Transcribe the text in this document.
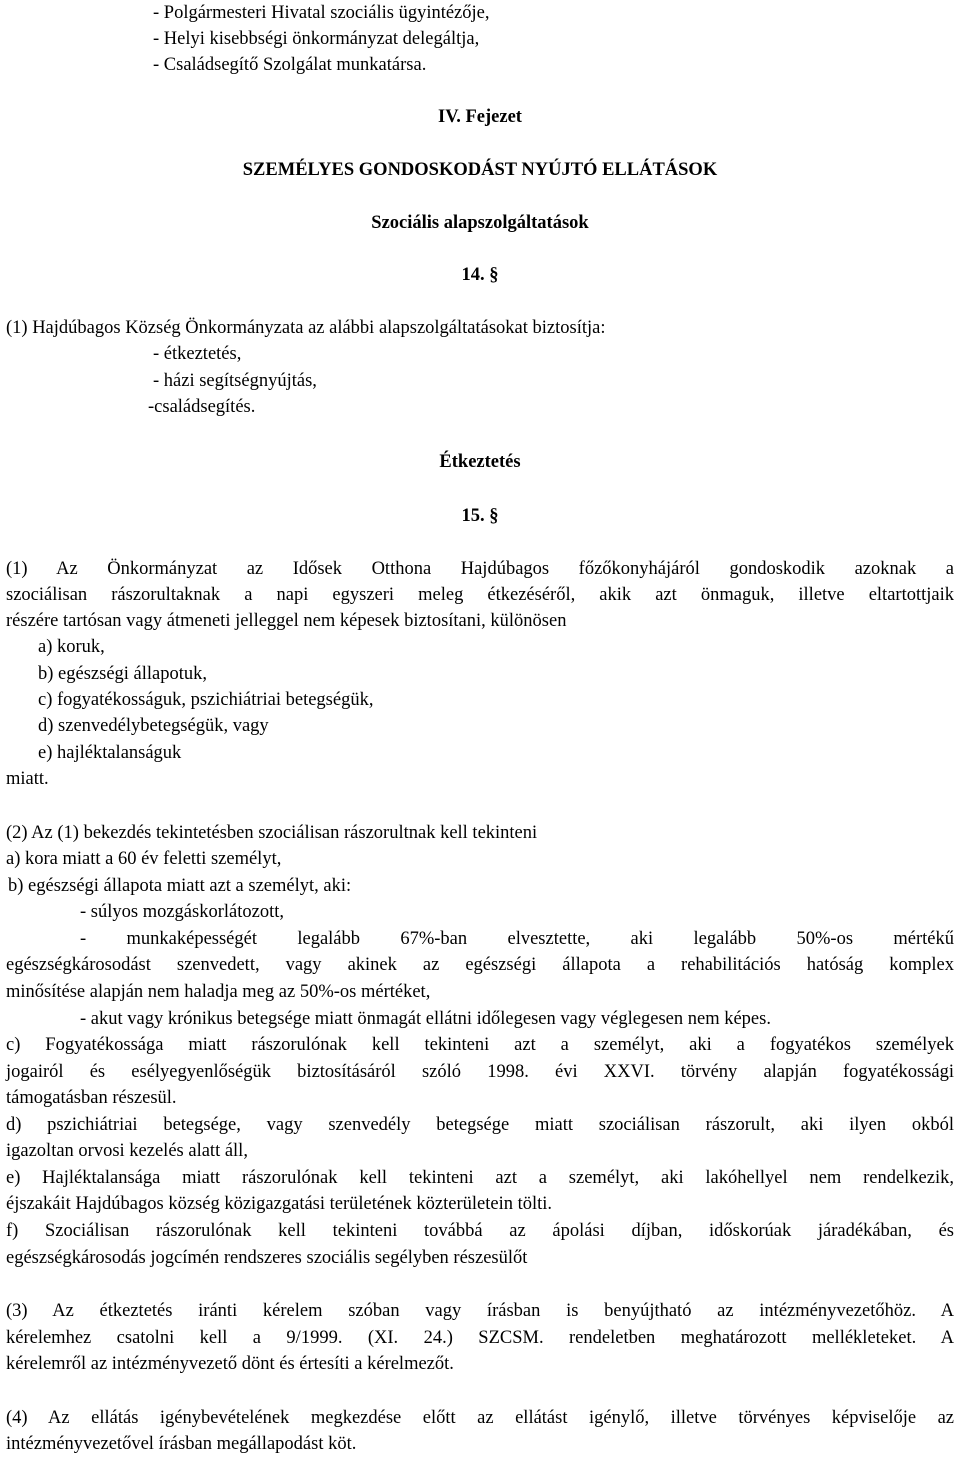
- Polgármesteri Hivatal szociális ügyintézője,
- Helyi kisebbségi önkormányzat delegáltja,
- Családsegítő Szolgálat munkatársa.
IV. Fejezet
SZEMÉLYES GONDOSKODÁST NYÚJTÓ ELLÁTÁSOK
Szociális alapszolgáltatások
14. §
(1) Hajdúbagos Község Önkormányzata az alábbi alapszolgáltatásokat biztosítja:
- étkeztetés,
- házi segítségnyújtás,
-családsegítés.
Étkeztetés
15. §
(1) Az Önkormányzat az Idősek Otthona Hajdúbagos főzőkonyhájáról gondoskodik azoknak a
szociálisan rászorultaknak a napi egyszeri meleg étkezéséről, akik azt önmaguk, illetve eltartottjaik
részére tartósan vagy átmeneti jelleggel nem képesek biztosítani, különösen
a) koruk,
b) egészségi állapotuk,
c) fogyatékosságuk, pszichiátriai betegségük,
d) szenvedélybetegségük, vagy
e) hajléktalanságuk
miatt.
(2) Az (1) bekezdés tekintetésben szociálisan rászorultnak kell tekinteni
a) kora miatt a 60 év feletti személyt,
b) egészségi állapota miatt azt a személyt, aki:
- súlyos mozgáskorlátozott,
- munkaképességét legalább 67%-ban elvesztette, aki legalább 50%-os mértékű
egészségkárosodást szenvedett, vagy akinek az egészségi állapota a rehabilitációs hatóság komplex
minősítése alapján nem haladja meg az 50%-os mértéket,
- akut vagy krónikus betegsége miatt önmagát ellátni időlegesen vagy véglegesen nem képes.
c) Fogyatékossága miatt rászorulónak kell tekinteni azt a személyt, aki a fogyatékos személyek
jogairól és esélyegyenlőségük biztosításáról szóló 1998. évi XXVI. törvény alapján fogyatékossági
támogatásban részesül.
d) pszichiátriai betegsége, vagy szenvedély betegsége miatt szociálisan rászorult, aki ilyen okból
igazoltan orvosi kezelés alatt áll,
e) Hajléktalansága miatt rászorulónak kell tekinteni azt a személyt, aki lakóhellyel nem rendelkezik,
éjszakáit Hajdúbagos község közigazgatási területének közterületein tölti.
f) Szociálisan rászorulónak kell tekinteni továbbá az ápolási díjban, időskorúak járadékában, és
egészségkárosodás jogcímén rendszeres szociális segélyben részesülőt
(3) Az étkeztetés iránti kérelem szóban vagy írásban is benyújtható az intézményvezetőhöz. A
kérelemhez csatolni kell a 9/1999. (XI. 24.) SZCSM. rendeletben meghatározott mellékleteket. A
kérelemről az intézményvezető dönt és értesíti a kérelmezőt.
(4) Az ellátás igénybevételének megkezdése előtt az ellátást igénylő, illetve törvényes képviselője az
intézményvezetővel írásban megállapodást köt.
